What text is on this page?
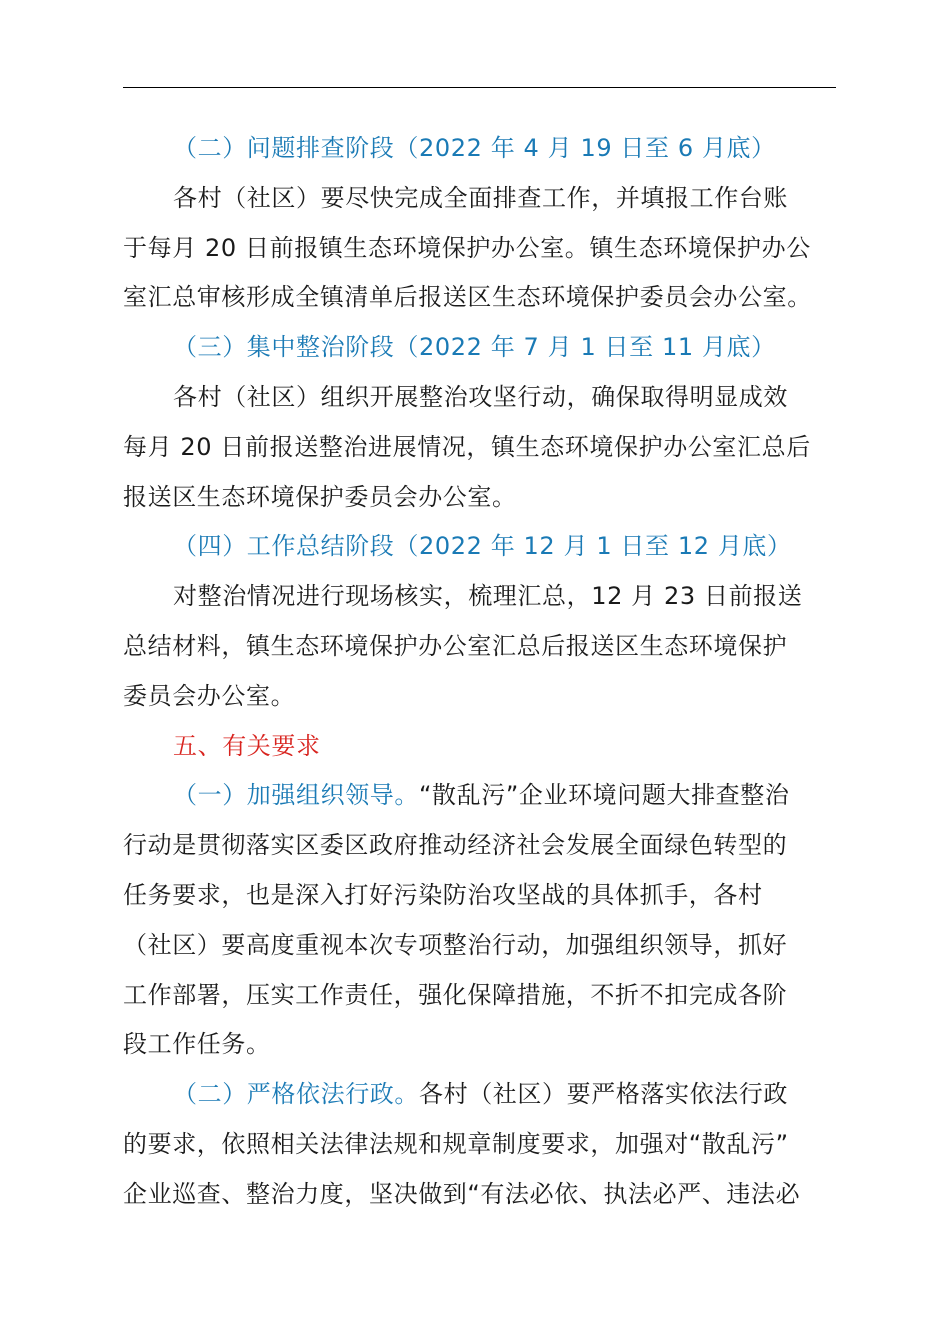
（二）问题排查阶段（2022 年 4 月 19 日至 6 月底）
各村（社区）要尽快完成全面排查工作，并填报工作台账
于每月 20 日前报镇生态环境保护办公室。镇生态环境保护办公
室汇总审核形成全镇清单后报送区生态环境保护委员会办公室。
（三）集中整治阶段（2022 年 7 月 1 日至 11 月底）
各村（社区）组织开展整治攻坚行动，确保取得明显成效
每月 20 日前报送整治进展情况，镇生态环境保护办公室汇总后
报送区生态环境保护委员会办公室。
（四）工作总结阶段（2022 年 12 月 1 日至 12 月底）
对整治情况进行现场核实，梳理汇总，12 月 23 日前报送
总结材料，镇生态环境保护办公室汇总后报送区生态环境保护
委员会办公室。
五、有关要求
（一）加强组织领导。“散乱污”企业环境问题大排查整治
行动是贯彻落实区委区政府推动经济社会发展全面绿色转型的
任务要求，也是深入打好污染防治攻坚战的具体抓手，各村
（社区）要高度重视本次专项整治行动，加强组织领导，抓好
工作部署，压实工作责任，强化保障措施，不折不扣完成各阶
段工作任务。
（二）严格依法行政。各村（社区）要严格落实依法行政
的要求，依照相关法律法规和规章制度要求，加强对“散乱污”
企业巡查、整治力度，坚决做到“有法必依、执法必严、违法必
